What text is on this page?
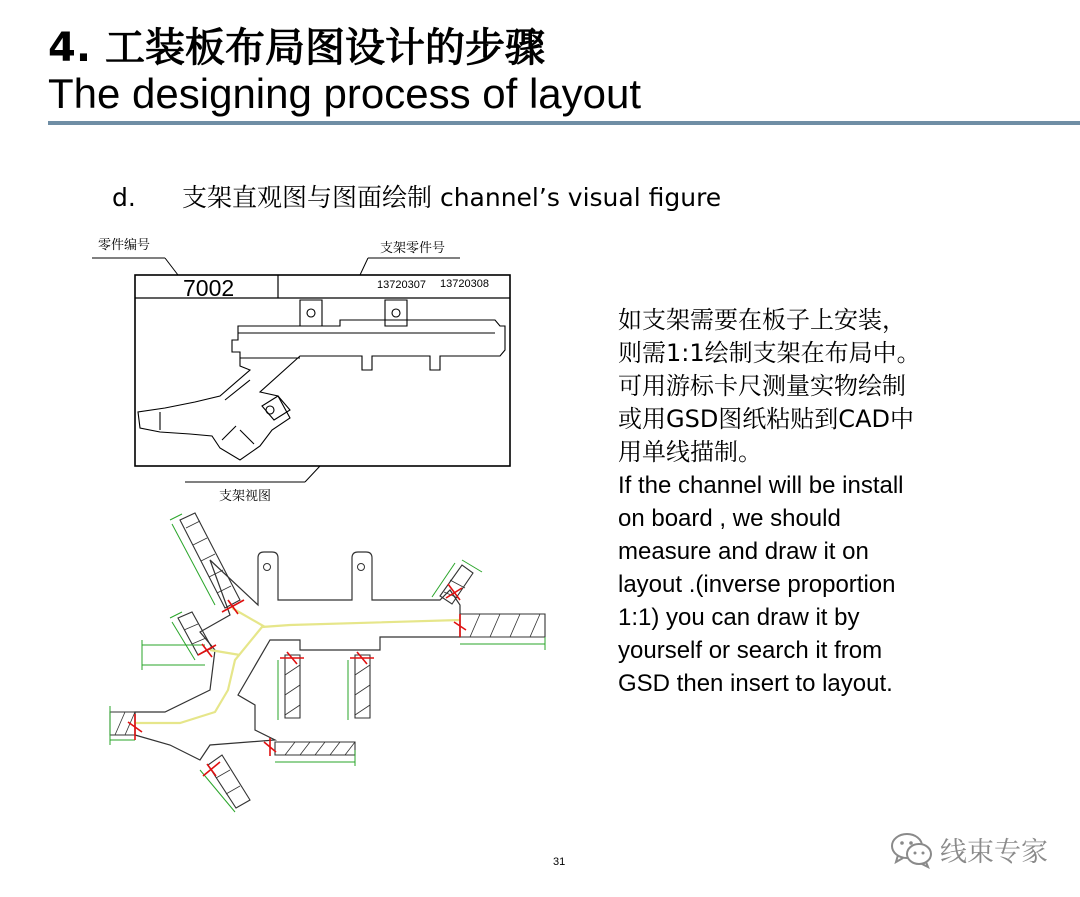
4. 工装板布局图设计的步骤
The designing process of layout
d. 支架直观图与图面绘制 channel’s visual figure
零件编号	支架零件号
7002	13720307 13720308
支架视图
如支架需要在板子上安装，
则需1:1绘制支架在布局中。
可用游标卡尺测量实物绘制
或用GSD图纸粘贴到CAD中
用单线描制。
If the channel will be install
on board , we should
measure and draw it on
layout .(inverse proportion
1:1) you can draw it by
yourself or search it from
GSD then insert to layout.
31	线束专家
